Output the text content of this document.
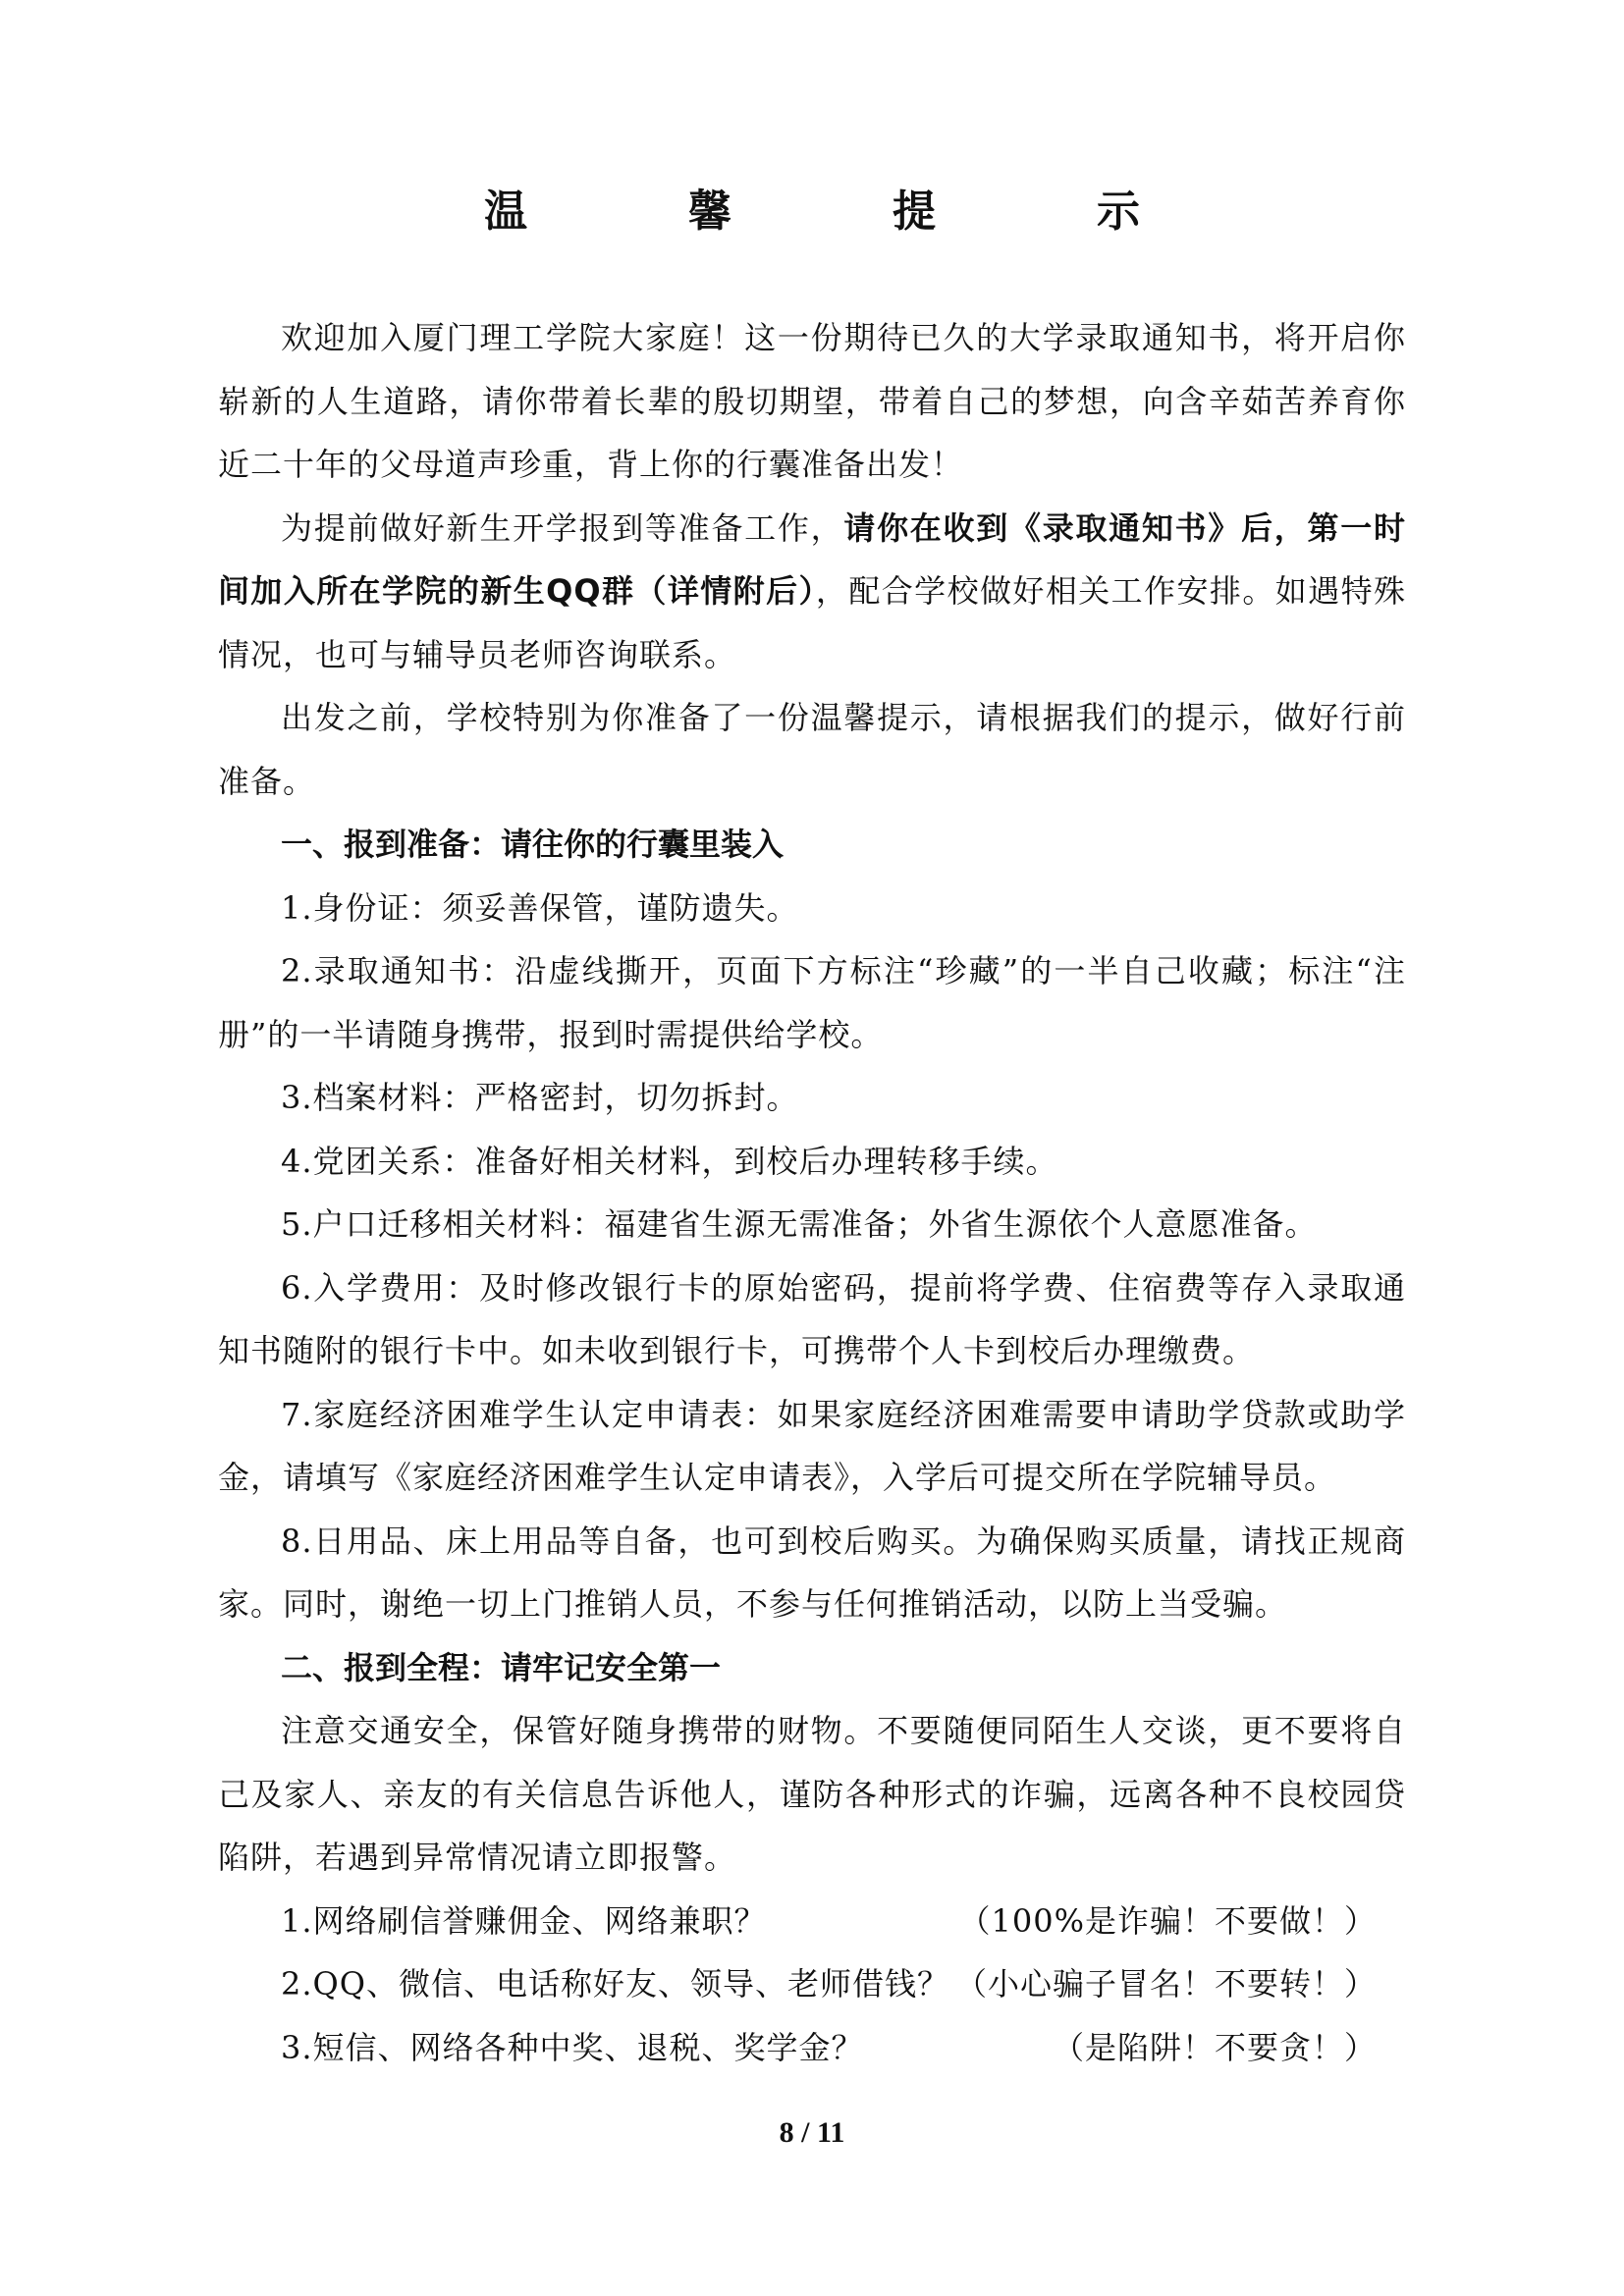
温　馨　提　示

欢迎加入厦门理工学院大家庭！这一份期待已久的大学录取通知书，将开启你崭新的人生道路，请你带着长辈的殷切期望，带着自己的梦想，向含辛茹苦养育你近二十年的父母道声珍重，背上你的行囊准备出发！

为提前做好新生开学报到等准备工作，请你在收到《录取通知书》后，第一时间加入所在学院的新生QQ群（详情附后），配合学校做好相关工作安排。如遇特殊情况，也可与辅导员老师咨询联系。

出发之前，学校特别为你准备了一份温馨提示，请根据我们的提示，做好行前准备。

一、报到准备：请往你的行囊里装入

1.身份证：须妥善保管，谨防遗失。

2.录取通知书：沿虚线撕开，页面下方标注“珍藏”的一半自己收藏；标注“注册”的一半请随身携带，报到时需提供给学校。

3.档案材料：严格密封，切勿拆封。

4.党团关系：准备好相关材料，到校后办理转移手续。

5.户口迁移相关材料：福建省生源无需准备；外省生源依个人意愿准备。

6.入学费用：及时修改银行卡的原始密码，提前将学费、住宿费等存入录取通知书随附的银行卡中。如未收到银行卡，可携带个人卡到校后办理缴费。

7.家庭经济困难学生认定申请表：如果家庭经济困难需要申请助学贷款或助学金，请填写《家庭经济困难学生认定申请表》，入学后可提交所在学院辅导员。

8.日用品、床上用品等自备，也可到校后购买。为确保购买质量，请找正规商家。同时，谢绝一切上门推销人员，不参与任何推销活动，以防上当受骗。

二、报到全程：请牢记安全第一

注意交通安全，保管好随身携带的财物。不要随便同陌生人交谈，更不要将自己及家人、亲友的有关信息告诉他人，谨防各种形式的诈骗，远离各种不良校园贷陷阱，若遇到异常情况请立即报警。

1.网络刷信誉赚佣金、网络兼职？	（100%是诈骗！不要做！）
2.QQ、微信、电话称好友、领导、老师借钱？ （小心骗子冒名！不要转！）
3.短信、网络各种中奖、退税、奖学金？	（是陷阱！不要贪！）
8 / 11
